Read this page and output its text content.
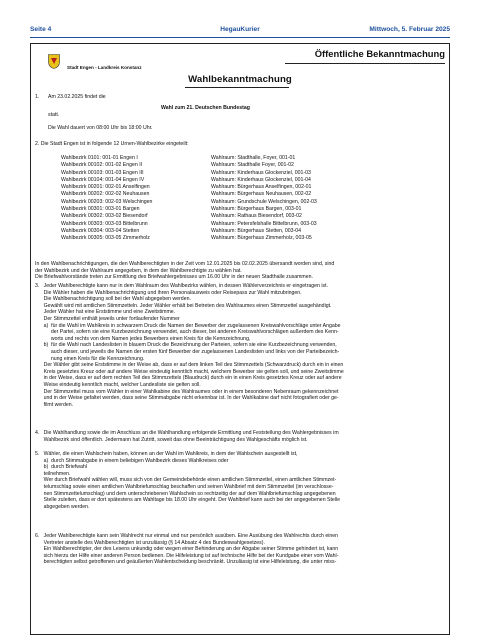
Seite 4	HegauKurier	Mittwoch, 5. Februar 2025
Öffentliche Bekanntmachung
Stadt Engen - Landkreis Konstanz
Wahlbekanntmachung
1. Am 23.02.2025 findet die
Wahl zum 21. Deutschen Bundestag
statt.
Die Wahl dauert von 08:00 Uhr bis 18:00 Uhr.
2. Die Stadt Engen ist in folgende 12 Urnen-Wahlbezirke eingeteilt:
Wahlbezirk 0101: 001-01 Engen I	Wahlraum: Stadthalle, Foyer, 001-01
Wahlbezirk 00102: 001-02 Engen II	Wahlraum: Stadthalle Foyer, 001-02
Wahlbezirk 00103: 001-03 Engen III	Wahlraum: Kinderhaus Glockenziel, 001-03
Wahlbezirk 00104: 001-04 Engen IV	Wahlraum: Kinderhaus Glockenziel, 001-04
Wahlbezirk 00201: 002-01 Anselfingen	Wahlraum: Bürgerhaus Anselfingen, 002-01
Wahlbezirk 00202: 002-02 Neuhausen	Wahlraum: Bürgerhaus Neuhausen, 002-02
Wahlbezirk 00203: 002-03 Welschingen	Wahlraum: Grundschule Welschingen, 002-03
Wahlbezirk 00301: 003-01 Bargen	Wahlraum: Bürgerhaus Bargen, 003-01
Wahlbezirk 00302: 003-02 Biesendorf	Wahlraum: Rathaus Biesendorf, 003-02
Wahlbezirk 00303: 003-03 Bittelbrunn	Wahlraum: Petersfelshalle Bittelbrunn, 003-03
Wahlbezirk 00304: 003-04 Stetten	Wahlraum: Bürgerhaus Stetten, 003-04
Wahlbezirk 00305: 003-05 Zimmerholz	Wahlraum: Bürgerhaus Zimmerholz, 003-05
In den Wahlbenachrichtigungen, die den Wahlberechtigten in der Zeit vom 12.01.2025 bis 02.02.2025 übersandt worden sind, sind
der Wahlbezirk und der Wahlraum angegeben, in dem der Wahlberechtigte zu wählen hat.
Die Briefwahlvorstände treten zur Ermittlung des Briefwahlergebnisses um 16.00 Uhr in der neuen Stadthalle zusammen.
3.   Jeder Wahlberechtigte kann nur in dem Wahlraum des Wahlbezirks wählen, in dessen Wählerverzeichnis er eingetragen ist.
Die Wähler haben die Wahlbenachrichtigung und ihren Personalausweis oder Reisepass zur Wahl mitzubringen.
Die Wahlbenachrichtigung soll bei der Wahl abgegeben werden.
Gewählt wird mit amtlichen Stimmzetteln. Jeder Wähler erhält bei Betreten des Wahlraumes einen Stimmzettel ausgehändigt.
Jeder Wähler hat eine Erststimme und eine Zweitstimme.
Der Stimmzettel enthält jeweils unter fortlaufender Nummer
a)  für die Wahl im Wahlkreis in schwarzem Druck die Namen der Bewerber der zugelassenen Kreiswahlvorschläge unter Angabe
der Partei, sofern sie eine Kurzbezeichnung verwendet, auch dieser, bei anderen Kreiswahlvorschlägen außerdem des Kenn-
worts und rechts von dem Namen jedes Bewerbers einen Kreis für die Kennzeichnung,
b)  für die Wahl nach Landeslisten in blauem Druck die Bezeichnung der Parteien, sofern sie eine Kurzbezeichnung verwenden,
auch dieser, und jeweils die Namen der ersten fünf Bewerber der zugelassenen Landeslisten und links von der Parteibezeich-
nung einen Kreis für die Kennzeichnung.
Der Wähler gibt seine Erststimme in der Weise ab, dass er auf dem linken Teil des Stimmzettels (Schwarzdruck) durch ein in einen
Kreis gesetztes Kreuz oder auf andere Weise eindeutig kenntlich macht, welchem Bewerber sie gelten soll, und seine Zweitstimme
in der Weise, dass er auf dem rechten Teil des Stimmzettels (Blaudruck) durch ein in einen Kreis gesetztes Kreuz oder auf andere
Weise eindeutig kenntlich macht, welcher Landesliste sie gelten soll.
Der Stimmzettel muss vom Wähler in einer Wahlkabine des Wahlraumes oder in einem besonderen Nebenraum gekennzeichnet
und in der Weise gefaltet werden, dass seine Stimmabgabe nicht erkennbar ist. In der Wahlkabine darf nicht fotografiert oder ge-
filmt werden.
4.   Die Wahlhandlung sowie die im Anschluss an die Wahlhandlung erfolgende Ermittlung und Feststellung des Wahlergebnisses im
Wahlbezirk sind öffentlich. Jedermann hat Zutritt, soweit das ohne Beeinträchtigung des Wahlgeschäfts möglich ist.
5.   Wähler, die einen Wahlschein haben, können an der Wahl im Wahlkreis, in dem der Wahlschein ausgestellt ist,
a)  durch Stimmabgabe in einem beliebigen Wahlbezirk dieses Wahlkreises oder
b)  durch Briefwahl
teilnehmen.
Wer durch Briefwahl wählen will, muss sich von der Gemeindebehörde einen amtlichen Stimmzettel, einen amtlichen Stimmzet-
telumschlag sowie einen amtlichen Wahlbriefumschlag beschaffen und seinen Wahlbrief mit dem Stimmzettel (im verschlosse-
nen Stimmzettelumschlag) und dem unterschriebenen Wahlschein so rechtzeitig der auf dem Wahlbriefumschlag angegebenen
Stelle zuleiten, dass er dort spätestens am Wahltage bis 18.00 Uhr eingeht. Der Wahlbrief kann auch bei der angegebenen Stelle
abgegeben werden.
6.   Jeder Wahlberechtigte kann sein Wahlrecht nur einmal und nur persönlich ausüben. Eine Ausübung des Wahlrechts durch einen
Vertreter anstelle des Wahlberechtigten ist unzulässig (§ 14 Absatz 4 des Bundeswahlgesetzes).
Ein Wahlberechtigter, der des Lesens unkundig oder wegen einer Behinderung an der Abgabe seiner Stimme gehindert ist, kann
sich hierzu der Hilfe einer anderen Person bedienen. Die Hilfeleistung ist auf technische Hilfe bei der Kundgabe einer vom Wahl-
berechtigten selbst getroffenen und geäußerten Wahlentscheidung beschränkt. Unzulässig ist eine Hilfeleistung, die unter miss-
